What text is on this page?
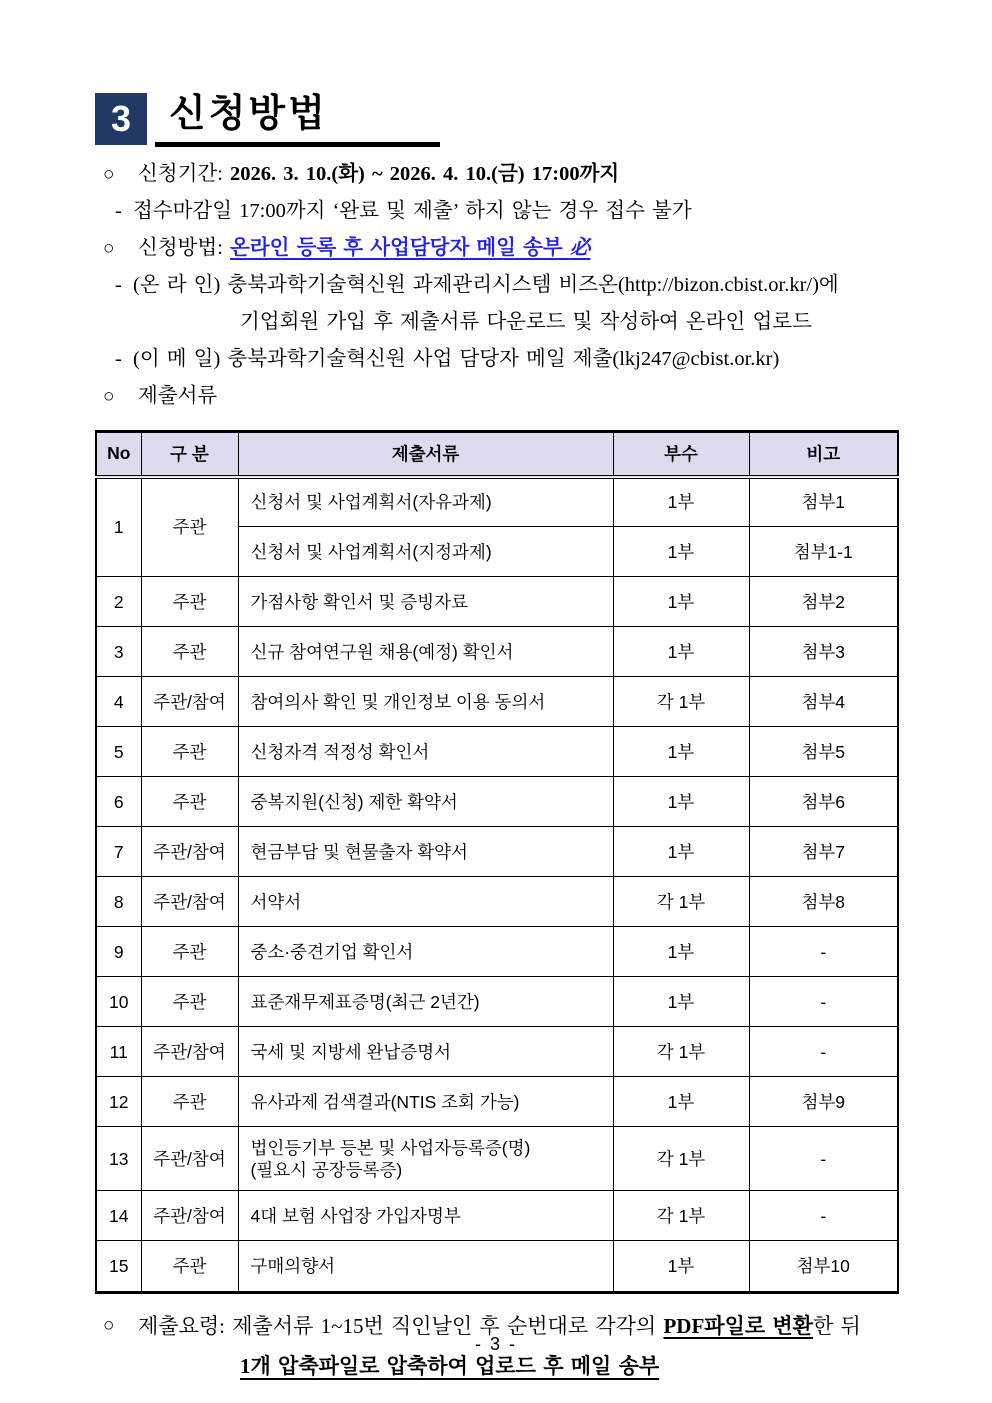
3 신청방법
○	신청기간: 2026. 3. 10.(화) ~ 2026. 4. 10.(금) 17:00까지
- 접수마감일 17:00까지 ‘완료 및 제출’ 하지 않는 경우 접수 불가
○	신청방법: 온라인 등록 후 사업담당자 메일 송부 必
- (온 라 인) 충북과학기술혁신원 과제관리시스템 비즈온(http://bizon.cbist.or.kr/)에
기업회원 가입 후 제출서류 다운로드 및 작성하여 온라인 업로드
- (이 메 일) 충북과학기술혁신원 사업 담당자 메일 제출(lkj247@cbist.or.kr)
○	제출서류
No	구 분	제출서류	부수	비고
1	주관	신청서 및 사업계획서(자유과제)	1부	첨부1
		신청서 및 사업계획서(지정과제)	1부	첨부1-1
2	주관	가점사항 확인서 및 증빙자료	1부	첨부2
3	주관	신규 참여연구원 채용(예정) 확인서	1부	첨부3
4	주관/참여	참여의사 확인 및 개인정보 이용 동의서	각 1부	첨부4
5	주관	신청자격 적정성 확인서	1부	첨부5
6	주관	중복지원(신청) 제한 확약서	1부	첨부6
7	주관/참여	현금부담 및 현물출자 확약서	1부	첨부7
8	주관/참여	서약서	각 1부	첨부8
9	주관	중소·중견기업 확인서	1부	-
10	주관	표준재무제표증명(최근 2년간)	1부	-
11	주관/참여	국세 및 지방세 완납증명서	각 1부	-
12	주관	유사과제 검색결과(NTIS 조회 가능)	1부	첨부9
13	주관/참여	법인등기부 등본 및 사업자등록증(명)
(필요시 공장등록증)	각 1부	-
14	주관/참여	4대 보험 사업장 가입자명부	각 1부	-
15	주관	구매의향서	1부	첨부10
○	제출요령: 제출서류 1~15번 직인날인 후 순번대로 각각의 PDF파일로 변환한 뒤
1개 압축파일로 압축하여 업로드 후 메일 송부
- 3 -
